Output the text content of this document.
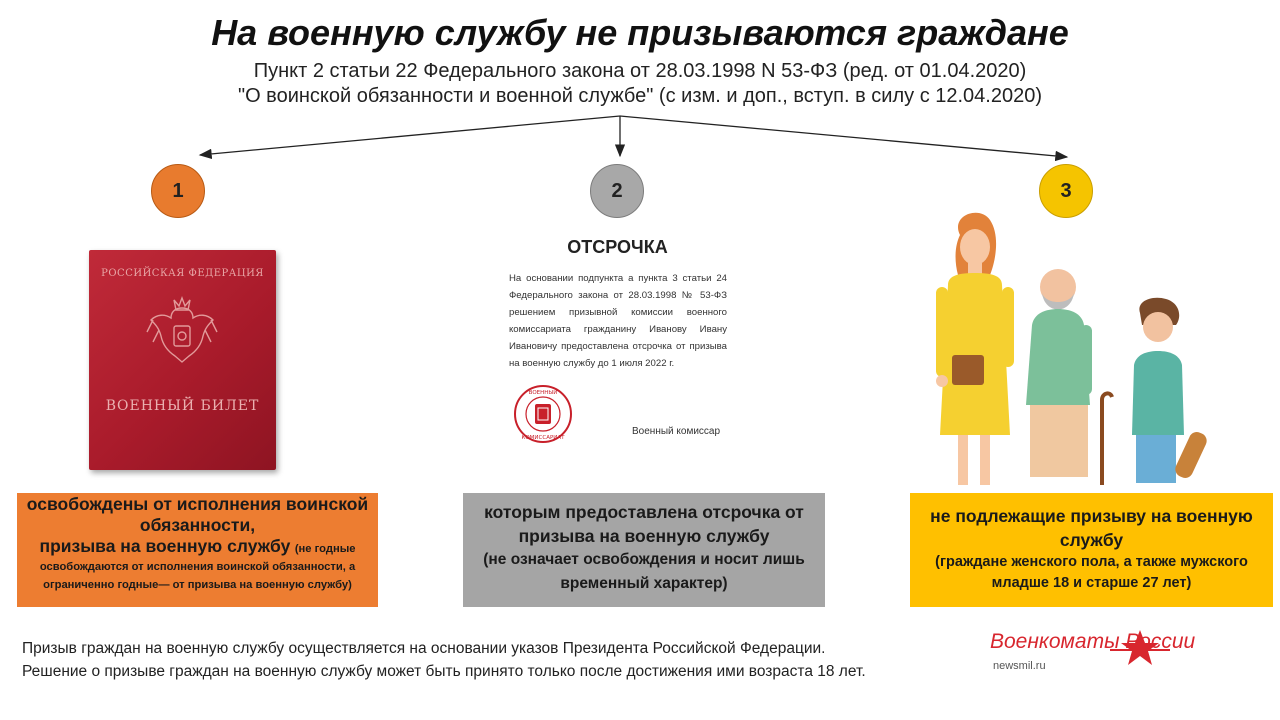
На военную службу не призываются граждане
Пункт 2 статьи 22 Федерального закона от 28.03.1998 N 53-ФЗ (ред. от 01.04.2020)
"О воинской обязанности и военной службе" (с изм. и доп., вступ. в силу с 12.04.2020)
1	2	3
РОССИЙСКАЯ ФЕДЕРАЦИЯ
ВОЕННЫЙ БИЛЕТ
ОТСРОЧКА
На основании подпункта а пункта 3 статьи 24 Федерального закона от 28.03.1998 № 53-ФЗ решением призывной комиссии военного комиссариата гражданину Иванову Ивану Ивановичу предоставлена отсрочка от призыва на военную службу до 1 июля 2022 г.
ВОЕННЫЙ
КОМИССАРИАТ
Военный комиссар
освобождены от исполнения воинской обязанности,
призыва на военную службу (не годные освобождаются от исполнения воинской обязанности, а ограниченно годные— от призыва на военную службу)
которым предоставлена отсрочка от призыва на военную службу
(не означает освобождения и носит лишь временный характер)
не подлежащие призыву на военную службу
(граждане женского пола, а также мужского младше 18 и старше 27 лет)
Призыв граждан на военную службу осуществляется на основании указов Президента Российской Федерации.
Решение о призыве граждан на военную службу может быть принято только после достижения ими возраста 18 лет.
Военкоматы России
newsmil.ru
